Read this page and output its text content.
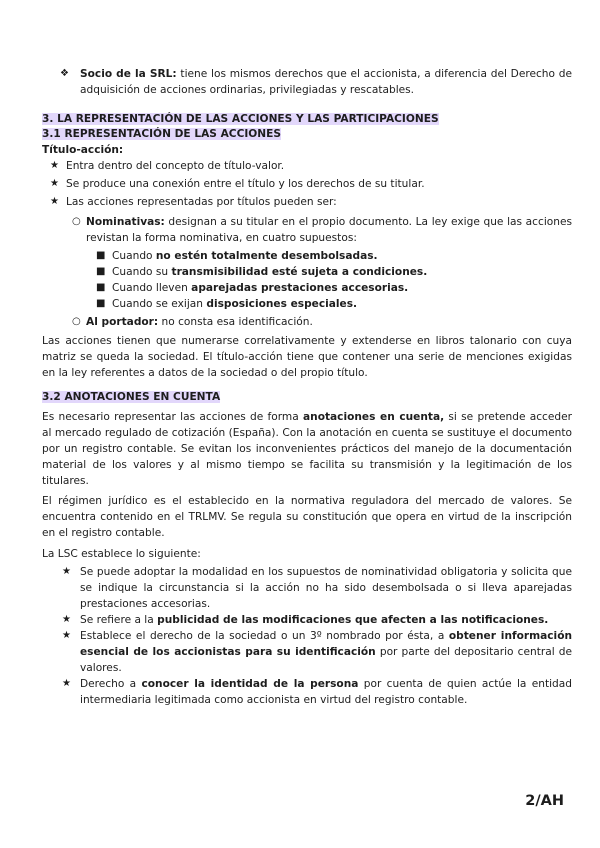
❖	Socio de la SRL: tiene los mismos derechos que el accionista, a diferencia del Derecho de adquisición de acciones ordinarias, privilegiadas y rescatables.
3. LA REPRESENTACIÓN DE LAS ACCIONES Y LAS PARTICIPACIONES
3.1 REPRESENTACIÓN DE LAS ACCIONES
Título-acción:
★ Entra dentro del concepto de título-valor.
★ Se produce una conexión entre el título y los derechos de su titular.
★ Las acciones representadas por títulos pueden ser:
○ Nominativas: designan a su titular en el propio documento. La ley exige que las acciones revistan la forma nominativa, en cuatro supuestos:
■ Cuando no estén totalmente desembolsadas.
■ Cuando su transmisibilidad esté sujeta a condiciones.
■ Cuando lleven aparejadas prestaciones accesorias.
■ Cuando se exijan disposiciones especiales.
○ Al portador: no consta esa identificación.
Las acciones tienen que numerarse correlativamente y extenderse en libros talonario con cuya matriz se queda la sociedad. El título-acción tiene que contener una serie de menciones exigidas en la ley referentes a datos de la sociedad o del propio título.
3.2 ANOTACIONES EN CUENTA
Es necesario representar las acciones de forma anotaciones en cuenta, si se pretende acceder al mercado regulado de cotización (España). Con la anotación en cuenta se sustituye el documento por un registro contable. Se evitan los inconvenientes prácticos del manejo de la documentación material de los valores y al mismo tiempo se facilita su transmisión y la legitimación de los titulares.
El régimen jurídico es el establecido en la normativa reguladora del mercado de valores. Se encuentra contenido en el TRLMV. Se regula su constitución que opera en virtud de la inscripción en el registro contable.
La LSC establece lo siguiente:
★ Se puede adoptar la modalidad en los supuestos de nominatividad obligatoria y solicita que se indique la circunstancia si la acción no ha sido desembolsada o si lleva aparejadas prestaciones accesorias.
★ Se refiere a la publicidad de las modificaciones que afecten a las notificaciones.
★ Establece el derecho de la sociedad o un 3º nombrado por ésta, a obtener información esencial de los accionistas para su identificación por parte del depositario central de valores.
★ Derecho a conocer la identidad de la persona por cuenta de quien actúe la entidad intermediaria legitimada como accionista en virtud del registro contable.
2/AH
